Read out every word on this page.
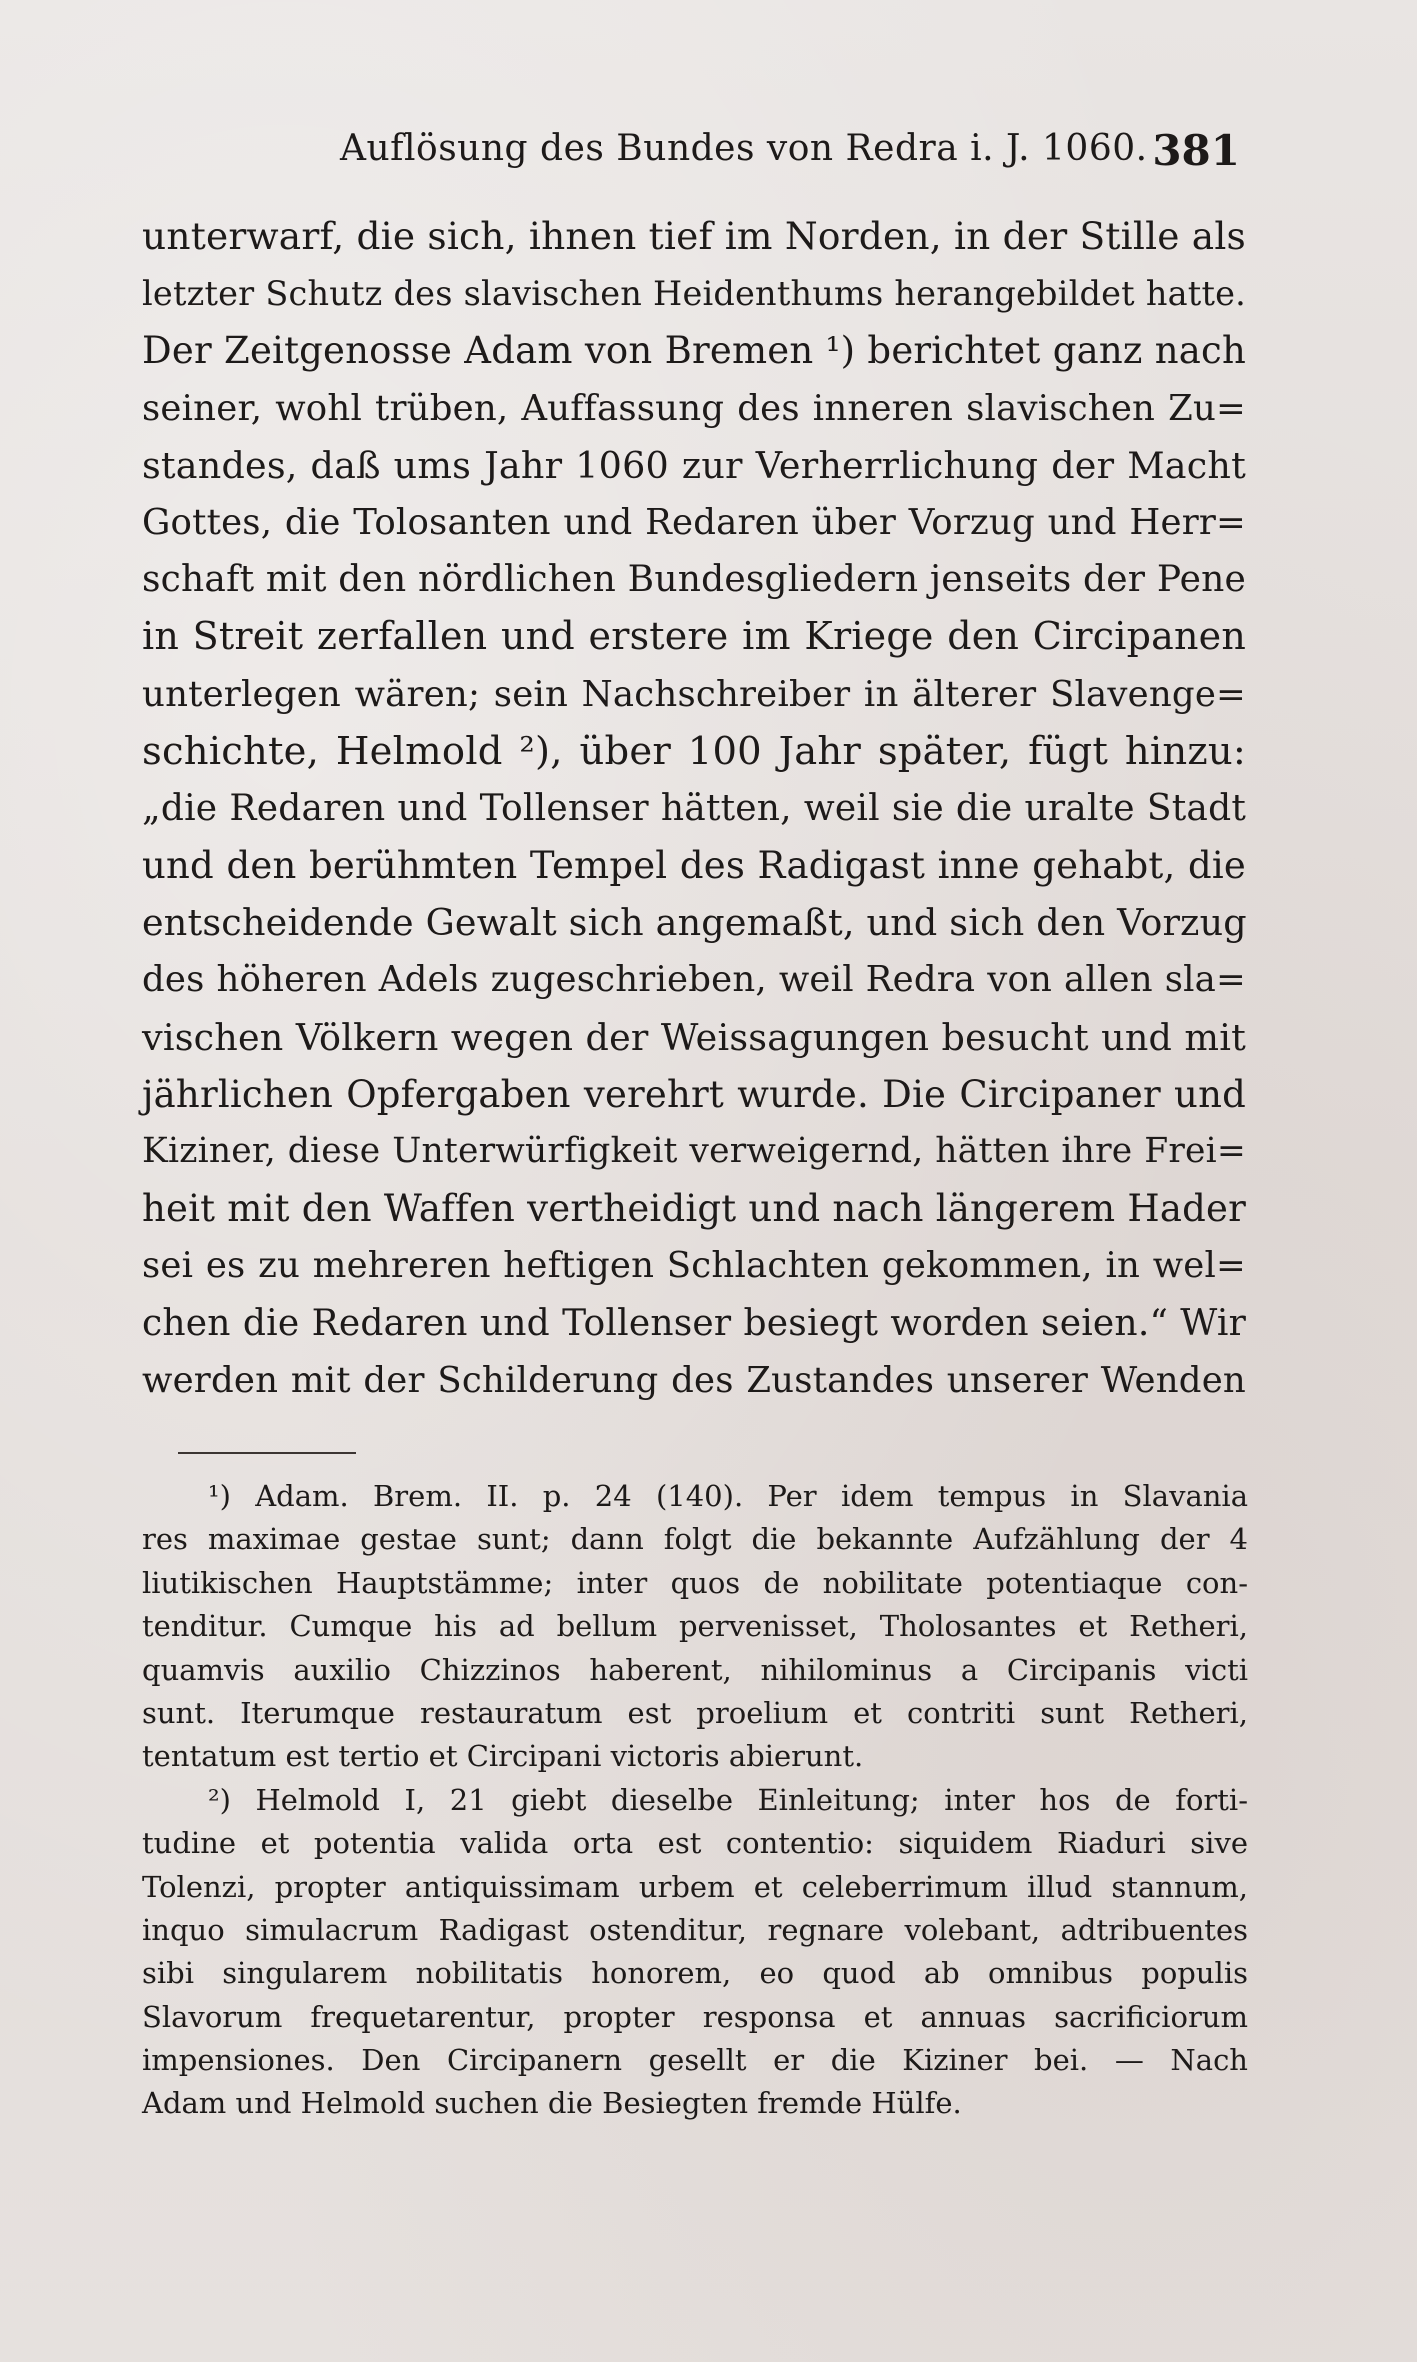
Auflösung des Bundes von Redra i. J. 1060. 381
unterwarf, die sich, ihnen tief im Norden, in der Stille als
letzter Schutz des slavischen Heidenthums herangebildet hatte.
Der Zeitgenosse Adam von Bremen ¹) berichtet ganz nach
seiner, wohl trüben, Auffassung des inneren slavischen Zu=
standes, daß ums Jahr 1060 zur Verherrlichung der Macht
Gottes, die Tolosanten und Redaren über Vorzug und Herr=
schaft mit den nördlichen Bundesgliedern jenseits der Pene
in Streit zerfallen und erstere im Kriege den Circipanen
unterlegen wären; sein Nachschreiber in älterer Slavenge=
schichte, Helmold ²), über 100 Jahr später, fügt hinzu:
„die Redaren und Tollenser hätten, weil sie die uralte Stadt
und den berühmten Tempel des Radigast inne gehabt, die
entscheidende Gewalt sich angemaßt, und sich den Vorzug
des höheren Adels zugeschrieben, weil Redra von allen sla=
vischen Völkern wegen der Weissagungen besucht und mit
jährlichen Opfergaben verehrt wurde. Die Circipaner und
Kiziner, diese Unterwürfigkeit verweigernd, hätten ihre Frei=
heit mit den Waffen vertheidigt und nach längerem Hader
sei es zu mehreren heftigen Schlachten gekommen, in wel=
chen die Redaren und Tollenser besiegt worden seien.“ Wir
werden mit der Schilderung des Zustandes unserer Wenden
¹) Adam. Brem. II. p. 24 (140). Per idem tempus in Slavania
res maximae gestae sunt; dann folgt die bekannte Aufzählung der 4
liutikischen Hauptstämme; inter quos de nobilitate potentiaque con-
tenditur. Cumque his ad bellum pervenisset, Tholosantes et Retheri,
quamvis auxilio Chizzinos haberent, nihilominus a Circipanis victi
sunt. Iterumque restauratum est proelium et contriti sunt Retheri,
tentatum est tertio et Circipani victoris abierunt.
²) Helmold I, 21 giebt dieselbe Einleitung; inter hos de forti-
tudine et potentia valida orta est contentio: siquidem Riaduri sive
Tolenzi, propter antiquissimam urbem et celeberrimum illud stannum,
inquo simulacrum Radigast ostenditur, regnare volebant, adtribuentes
sibi singularem nobilitatis honorem, eo quod ab omnibus populis
Slavorum frequetarentur, propter responsa et annuas sacrificiorum
impensiones. Den Circipanern gesellt er die Kiziner bei. — Nach
Adam und Helmold suchen die Besiegten fremde Hülfe.
